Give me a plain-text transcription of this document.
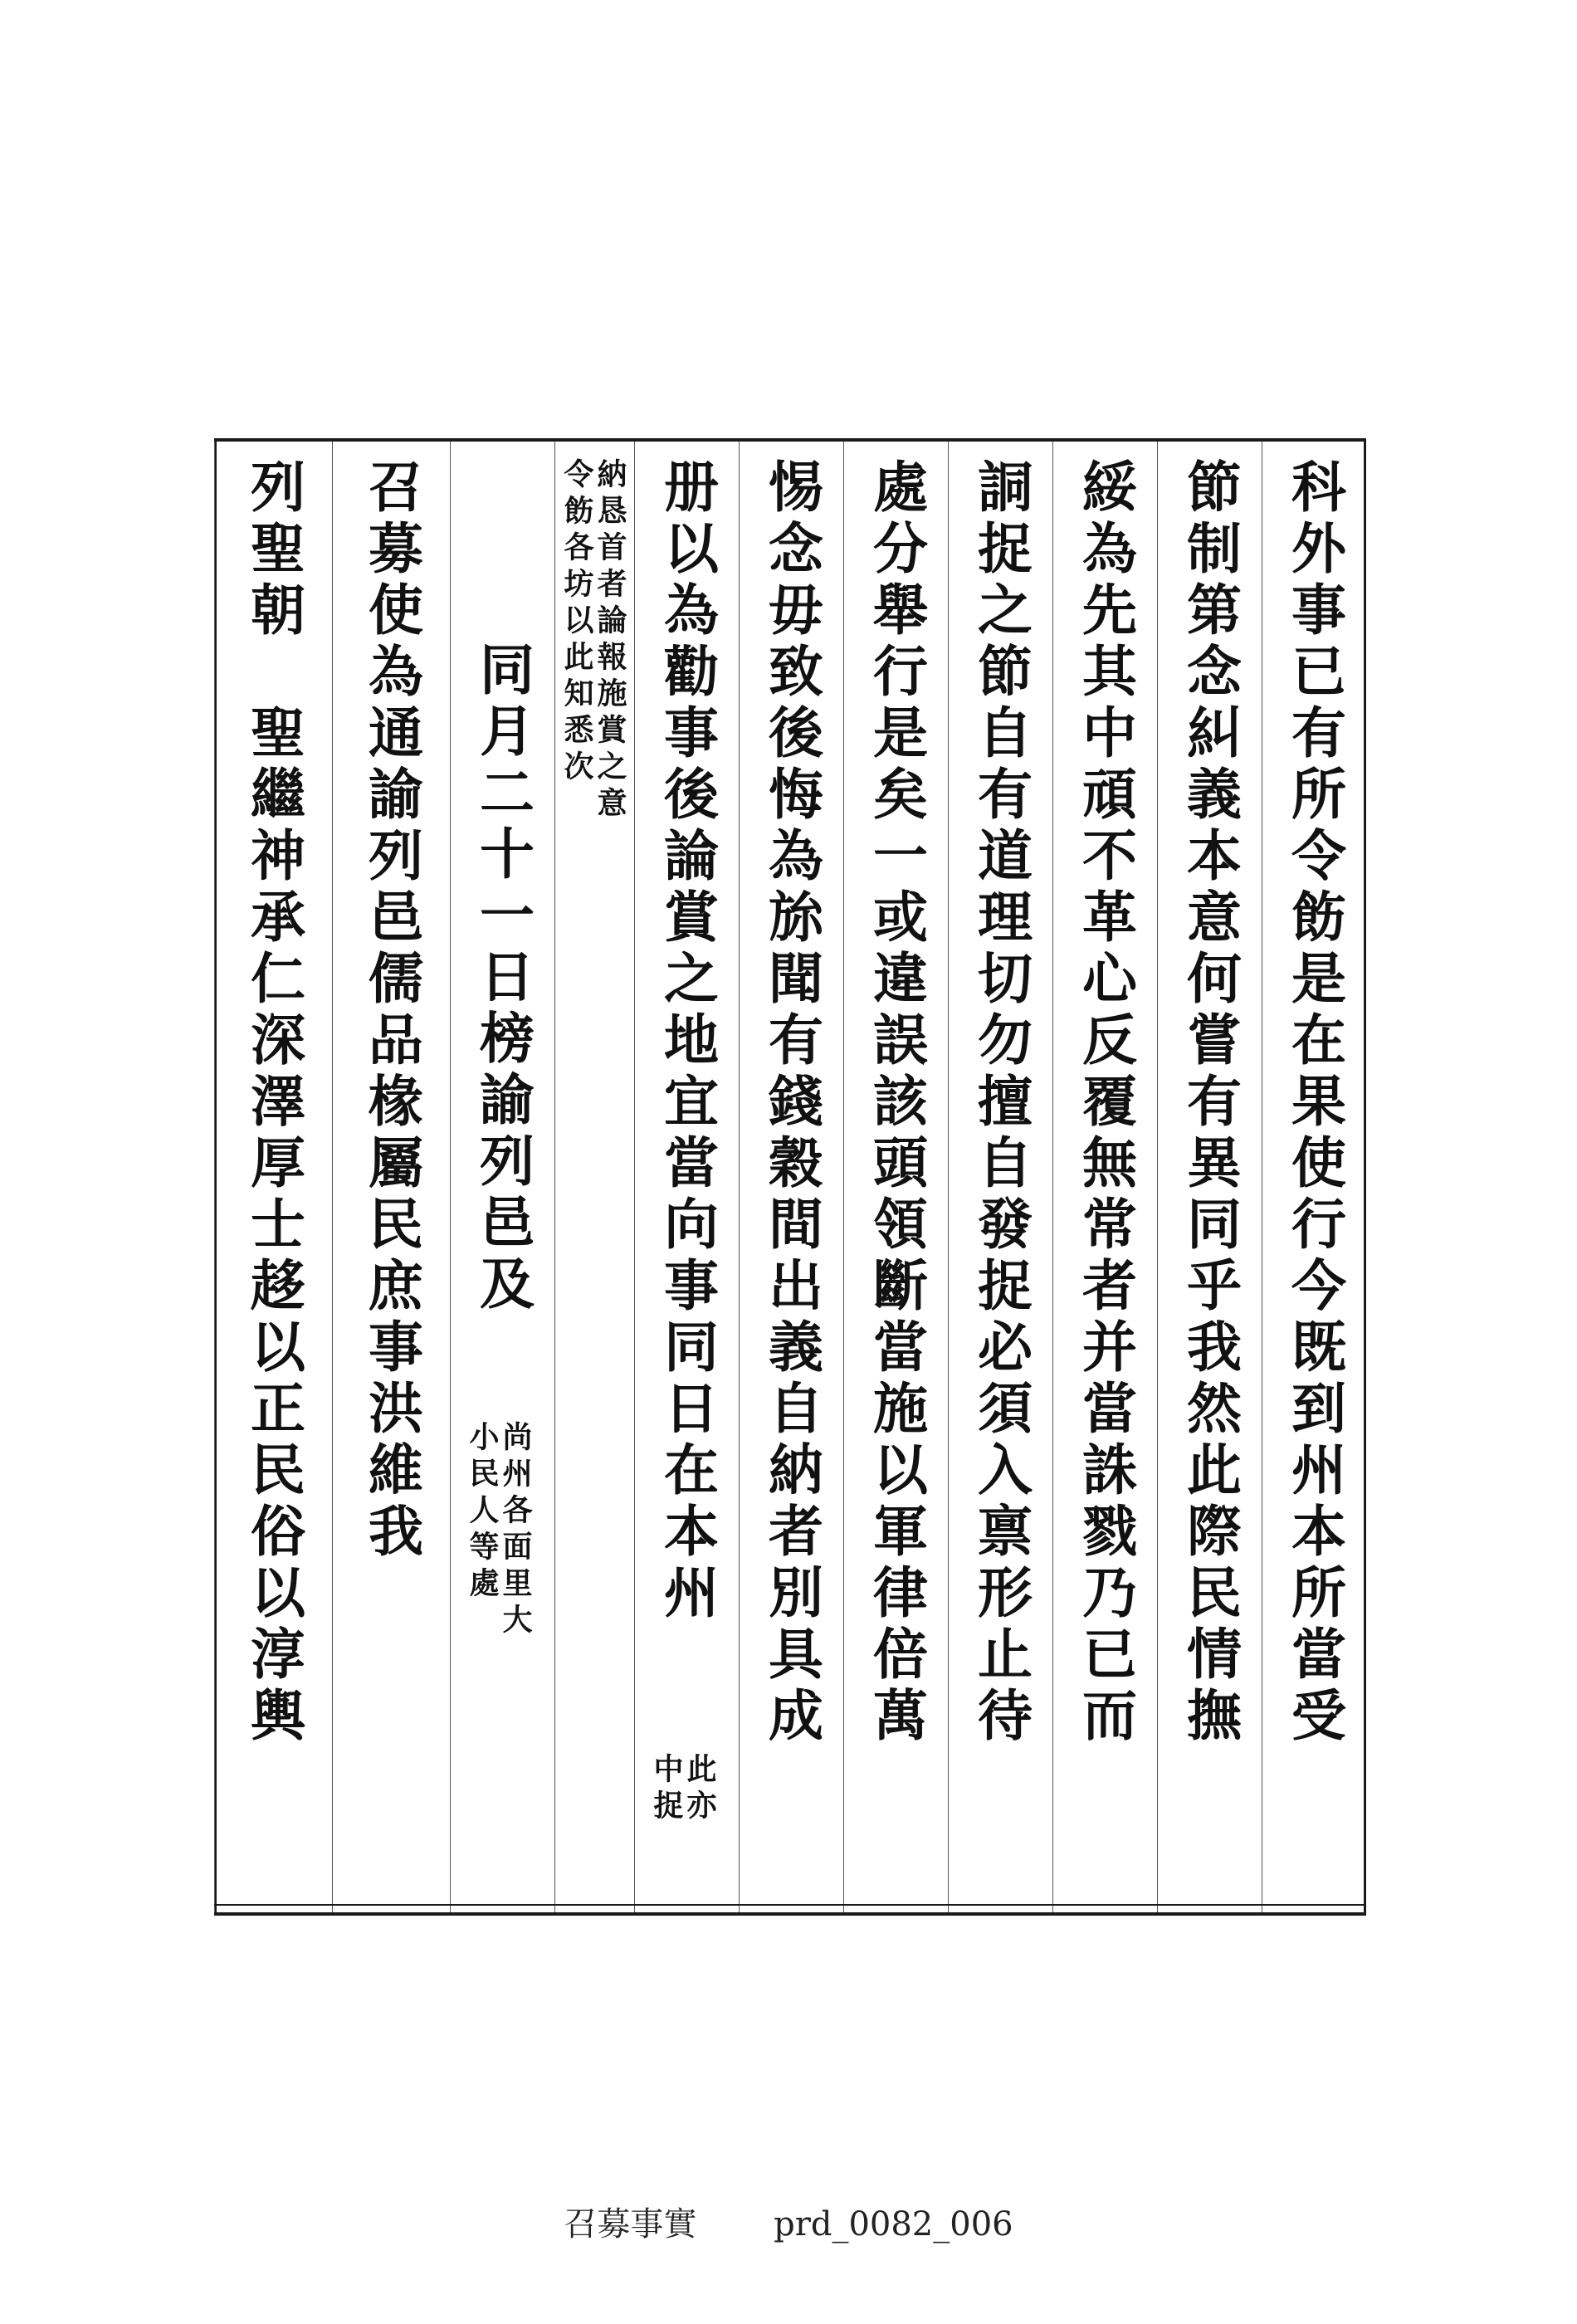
科外事已有所令飭是在果使行今既到州本所當受
節制第念糾義本意何嘗有異同乎我然此際民情撫
綏為先其中頑不革心反覆無常者并當誅戮乃已而
詷捉之節自有道理切勿擅自發捉必須入禀形止待
處分舉行是矣一或違誤該頭領斷當施以軍律倍萬
惕念毋致後悔為旀聞有錢穀間出義自納者別具成
册以為勸事後論賞之地宜當向事同日在本州
此亦
中捉
納恳首者論報施賞之意
令飭各坊以此知悉次
同月二十一日榜諭列邑及
尚州各面里大
小民人等處
召募使為通諭列邑儒品椽屬民庶事洪維我
列聖朝　聖繼神承仁深澤厚士趍以正民俗以淳輿
召募事實 prd_0082_006
